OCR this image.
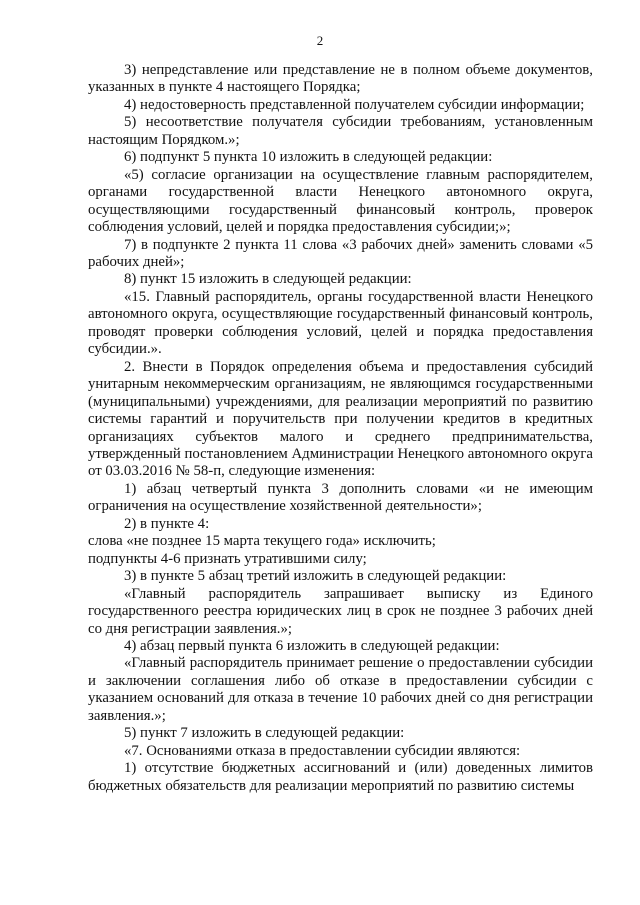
2

3) непредставление или представление не в полном объеме документов, указанных в пункте 4 настоящего Порядка;

4) недостоверность представленной получателем субсидии информации;

5) несоответствие получателя субсидии требованиям, установленным настоящим Порядком.»;

6) подпункт 5 пункта 10 изложить в следующей редакции:

«5) согласие организации на осуществление главным распорядителем, органами государственной власти Ненецкого автономного округа, осуществляющими государственный финансовый контроль, проверок соблюдения условий, целей и порядка предоставления субсидии;»;

7) в подпункте 2 пункта 11 слова «3 рабочих дней» заменить словами «5 рабочих дней»;

8) пункт 15 изложить в следующей редакции:

«15. Главный распорядитель, органы государственной власти Ненецкого автономного округа, осуществляющие государственный финансовый контроль, проводят проверки соблюдения условий, целей и порядка предоставления субсидии.».

2. Внести в Порядок определения объема и предоставления субсидий унитарным некоммерческим организациям, не являющимся государственными (муниципальными) учреждениями, для реализации мероприятий по развитию системы гарантий и поручительств при получении кредитов в кредитных организациях субъектов малого и среднего предпринимательства, утвержденный постановлением Администрации Ненецкого автономного округа от 03.03.2016 № 58-п, следующие изменения:

1) абзац четвертый пункта 3 дополнить словами «и не имеющим ограничения на осуществление хозяйственной деятельности»;

2) в пункте 4:

слова «не позднее 15 марта текущего года» исключить;

подпункты 4-6 признать утратившими силу;

3) в пункте 5 абзац третий изложить в следующей редакции:

«Главный распорядитель запрашивает выписку из Единого государственного реестра юридических лиц в срок не позднее 3 рабочих дней со дня регистрации заявления.»;

4) абзац первый пункта 6 изложить в следующей редакции:

«Главный распорядитель принимает решение о предоставлении субсидии и заключении соглашения либо об отказе в предоставлении субсидии с указанием оснований для отказа в течение 10 рабочих дней со дня регистрации заявления.»;

5) пункт 7 изложить в следующей редакции:

«7. Основаниями отказа в предоставлении субсидии являются:

1) отсутствие бюджетных ассигнований и (или) доведенных лимитов бюджетных обязательств для реализации мероприятий по развитию системы
